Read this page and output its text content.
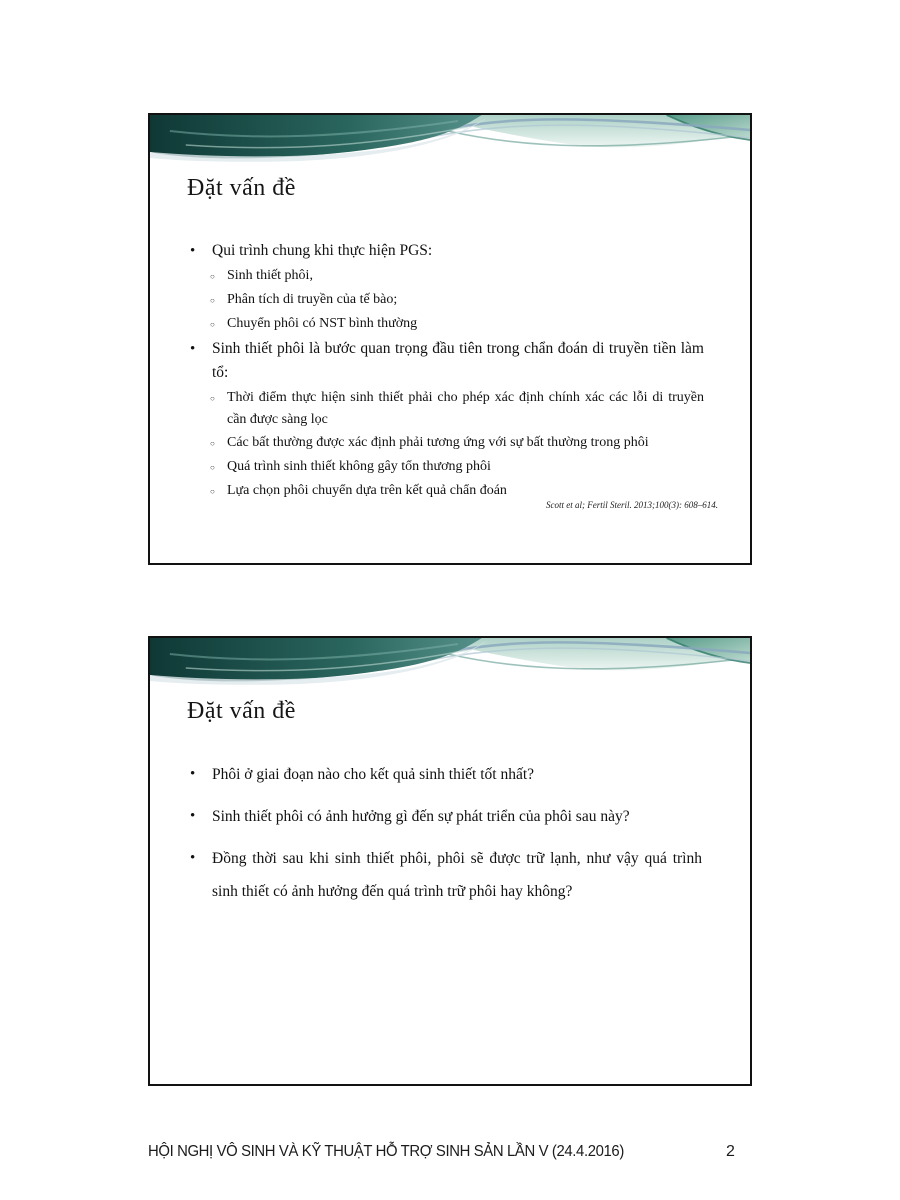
Đặt vấn đề
•	Qui trình chung khi thực hiện PGS:
○ Sinh thiết phôi,
○ Phân tích di truyền của tế bào;
○ Chuyển phôi có NST bình thường
•	Sinh thiết phôi là bước quan trọng đầu tiên trong chẩn đoán di truyền tiền làm tổ:
○ Thời điểm thực hiện sinh thiết phải cho phép xác định chính xác các lỗi di truyền cần được sàng lọc
○ Các bất thường được xác định phải tương ứng với sự bất thường trong phôi
○ Quá trình sinh thiết không gây tổn thương phôi
○ Lựa chọn phôi chuyển dựa trên kết quả chẩn đoán
Scott et al; Fertil Steril. 2013;100(3): 608–614.
Đặt vấn đề
•	Phôi ở giai đoạn nào cho kết quả sinh thiết tốt nhất?
•	Sinh thiết phôi có ảnh hưởng gì đến sự phát triển của phôi sau này?
•	Đồng thời sau khi sinh thiết phôi, phôi sẽ được trữ lạnh, như vậy quá trình sinh thiết có ảnh hưởng đến quá trình trữ phôi hay không?
HỘI NGHỊ VÔ SINH VÀ KỸ THUẬT HỖ TRỢ SINH SẢN LẦN V (24.4.2016)	2
